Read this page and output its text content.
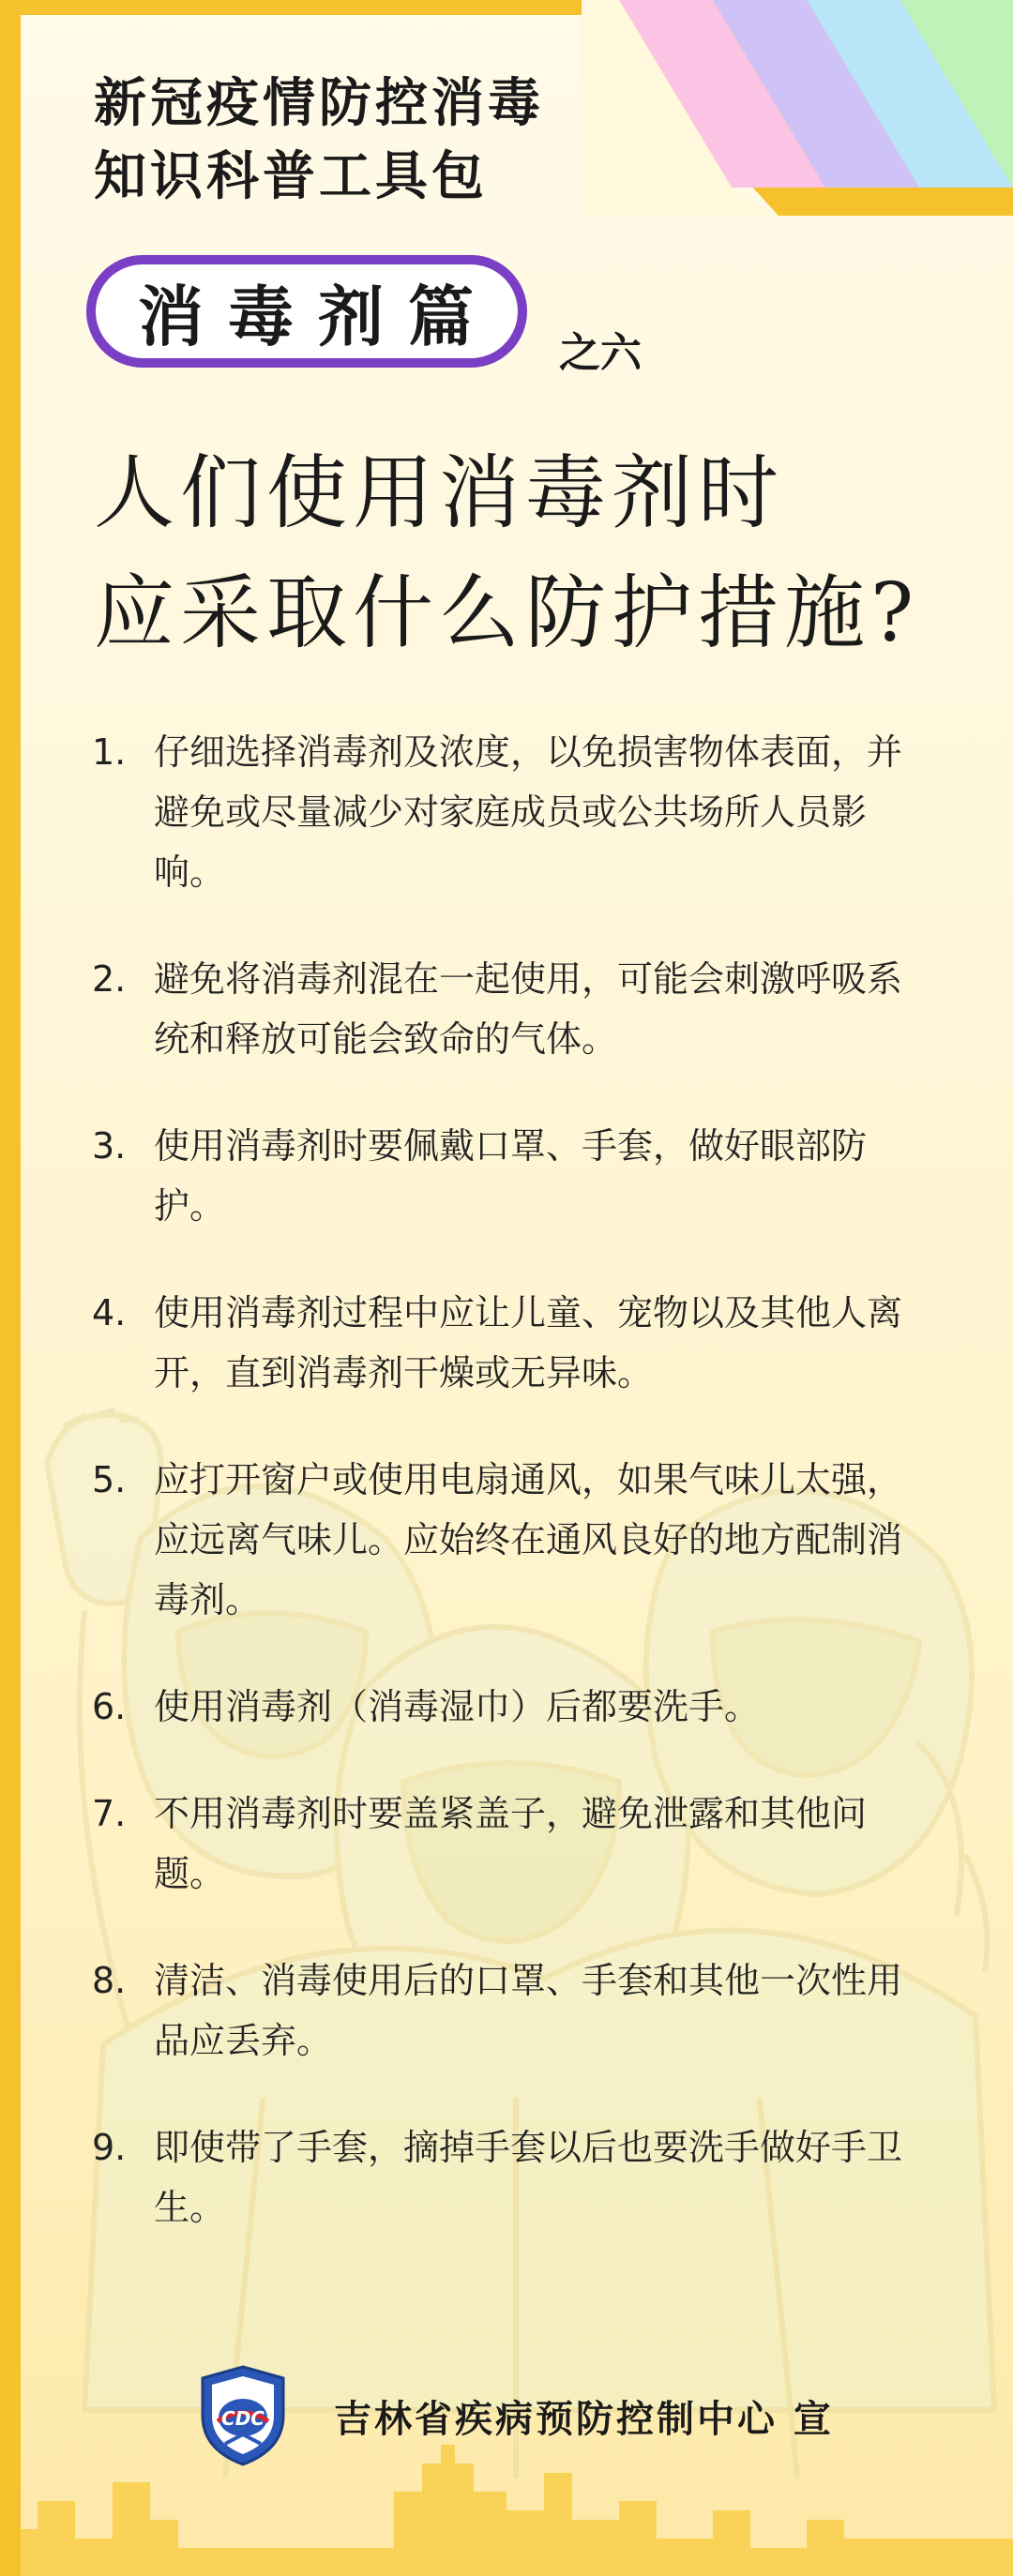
新冠疫情防控消毒
知识科普工具包
消毒剂篇 之六
人们使用消毒剂时
应采取什么防护措施?
1. 仔细选择消毒剂及浓度，以免损害物体表面，并避免或尽量减少对家庭成员或公共场所人员影响。
2. 避免将消毒剂混在一起使用，可能会刺激呼吸系统和释放可能会致命的气体。
3. 使用消毒剂时要佩戴口罩、手套，做好眼部防护。
4. 使用消毒剂过程中应让儿童、宠物以及其他人离开，直到消毒剂干燥或无异味。
5. 应打开窗户或使用电扇通风，如果气味儿太强，应远离气味儿。应始终在通风良好的地方配制消毒剂。
6. 使用消毒剂（消毒湿巾）后都要洗手。
7. 不用消毒剂时要盖紧盖子，避免泄露和其他问题。
8. 清洁、消毒使用后的口罩、手套和其他一次性用品应丢弃。
9. 即使带了手套，摘掉手套以后也要洗手做好手卫生。
CDC 吉林省疾病预防控制中心 宣
